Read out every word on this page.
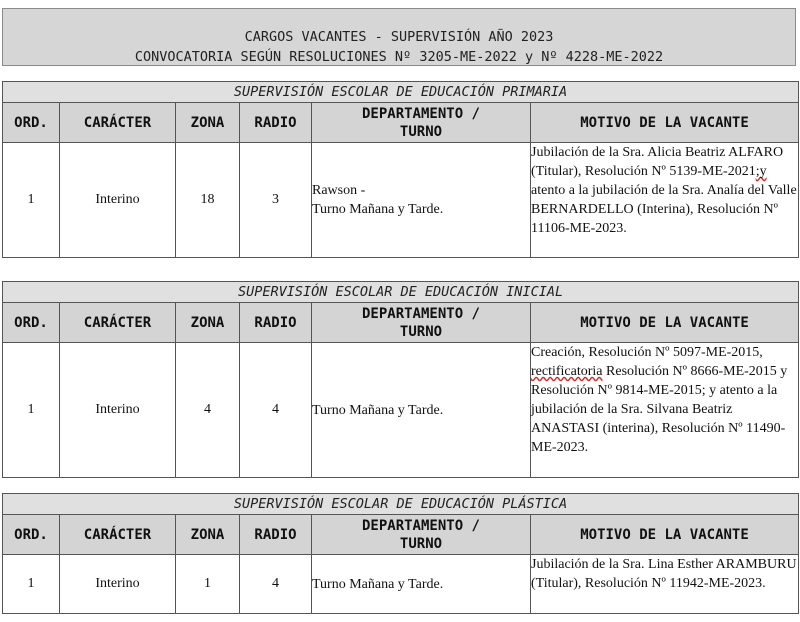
CARGOS VACANTES - SUPERVISIÓN AÑO 2023
CONVOCATORIA SEGÚN RESOLUCIONES Nº 3205-ME-2022 y Nº 4228-ME-2022
SUPERVISIÓN ESCOLAR DE EDUCACIÓN PRIMARIA					
ORD.	CARÁCTER	ZONA	RADIO	DEPARTAMENTO /
TURNO	MOTIVO DE LA VACANTE
1	Interino	18	3	Rawson -
Turno Mañana y Tarde.	Jubilación de la Sra. Alicia Beatriz ALFARO (Titular), Resolución Nº 5139-ME-2021;y atento a la jubilación de la Sra. Analía del Valle BERNARDELLO (Interina), Resolución Nº 11106-ME-2023.
SUPERVISIÓN ESCOLAR DE EDUCACIÓN INICIAL					
ORD.	CARÁCTER	ZONA	RADIO	DEPARTAMENTO /
TURNO	MOTIVO DE LA VACANTE
1	Interino	4	4	Turno Mañana y Tarde.	Creación, Resolución Nº 5097-ME-2015, rectificatoria Resolución Nº 8666-ME-2015 y Resolución Nº 9814-ME-2015; y atento a la jubilación de la Sra. Silvana Beatriz ANASTASI (interina), Resolución Nº 11490-ME-2023.
SUPERVISIÓN ESCOLAR DE EDUCACIÓN PLÁSTICA					
ORD.	CARÁCTER	ZONA	RADIO	DEPARTAMENTO /
TURNO	MOTIVO DE LA VACANTE
1	Interino	1	4	Turno Mañana y Tarde.	Jubilación de la Sra. Lina Esther ARAMBURU (Titular), Resolución Nº 11942-ME-2023.
